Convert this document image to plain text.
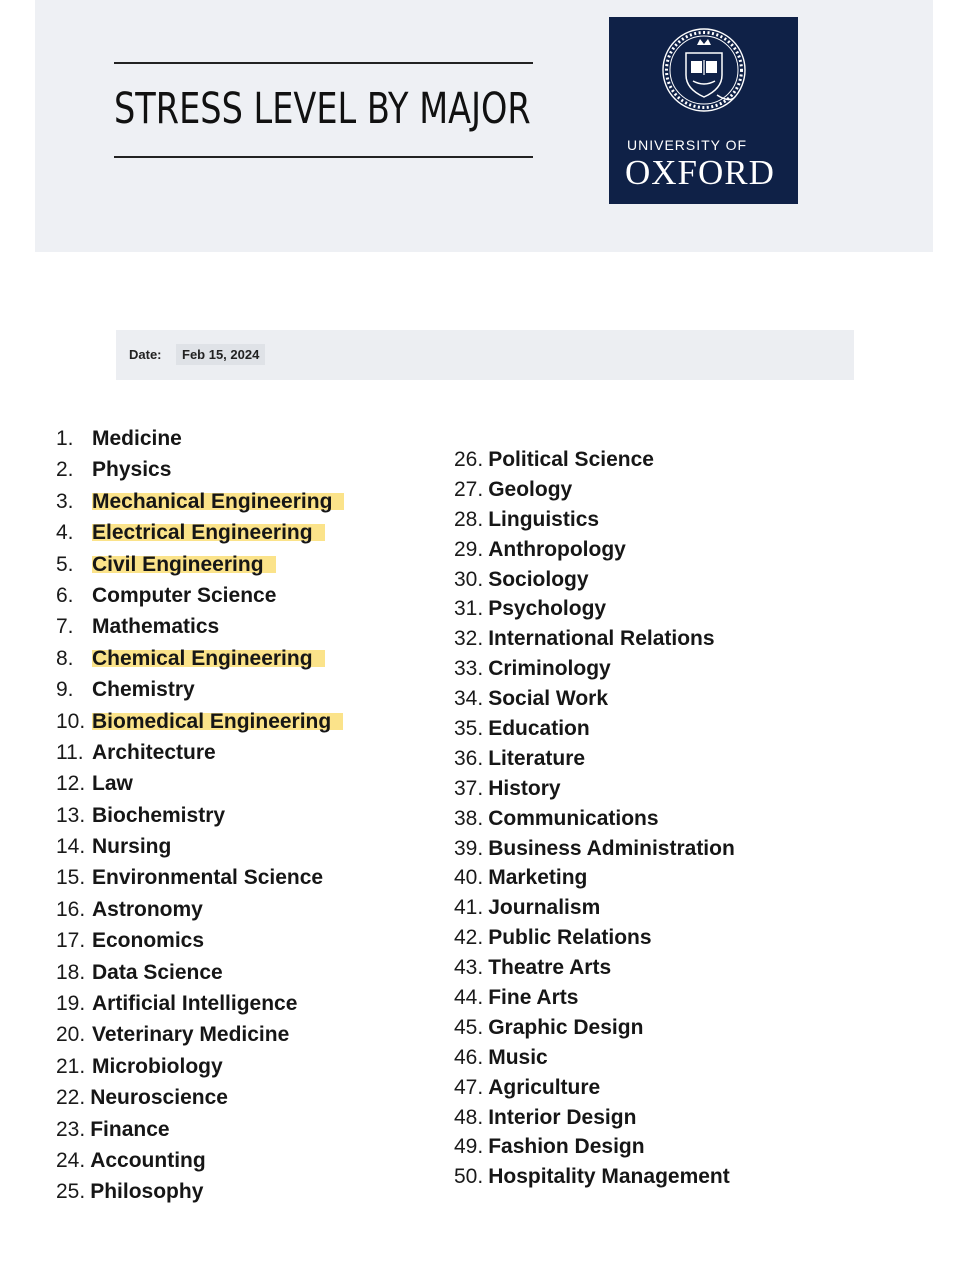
STRESS LEVEL BY MAJOR
UNIVERSITY OF
OXFORD
Date:	Feb 15, 2024
1. Medicine
2. Physics
3. Mechanical Engineering
4. Electrical Engineering
5. Civil Engineering
6. Computer Science
7. Mathematics
8. Chemical Engineering
9. Chemistry
10. Biomedical Engineering
11. Architecture
12. Law
13. Biochemistry
14. Nursing
15. Environmental Science
16. Astronomy
17. Economics
18. Data Science
19. Artificial Intelligence
20. Veterinary Medicine
21. Microbiology
22. Neuroscience
23. Finance
24. Accounting
25. Philosophy
26. Political Science
27. Geology
28. Linguistics
29. Anthropology
30. Sociology
31. Psychology
32. International Relations
33. Criminology
34. Social Work
35. Education
36. Literature
37. History
38. Communications
39. Business Administration
40. Marketing
41. Journalism
42. Public Relations
43. Theatre Arts
44. Fine Arts
45. Graphic Design
46. Music
47. Agriculture
48. Interior Design
49. Fashion Design
50. Hospitality Management
